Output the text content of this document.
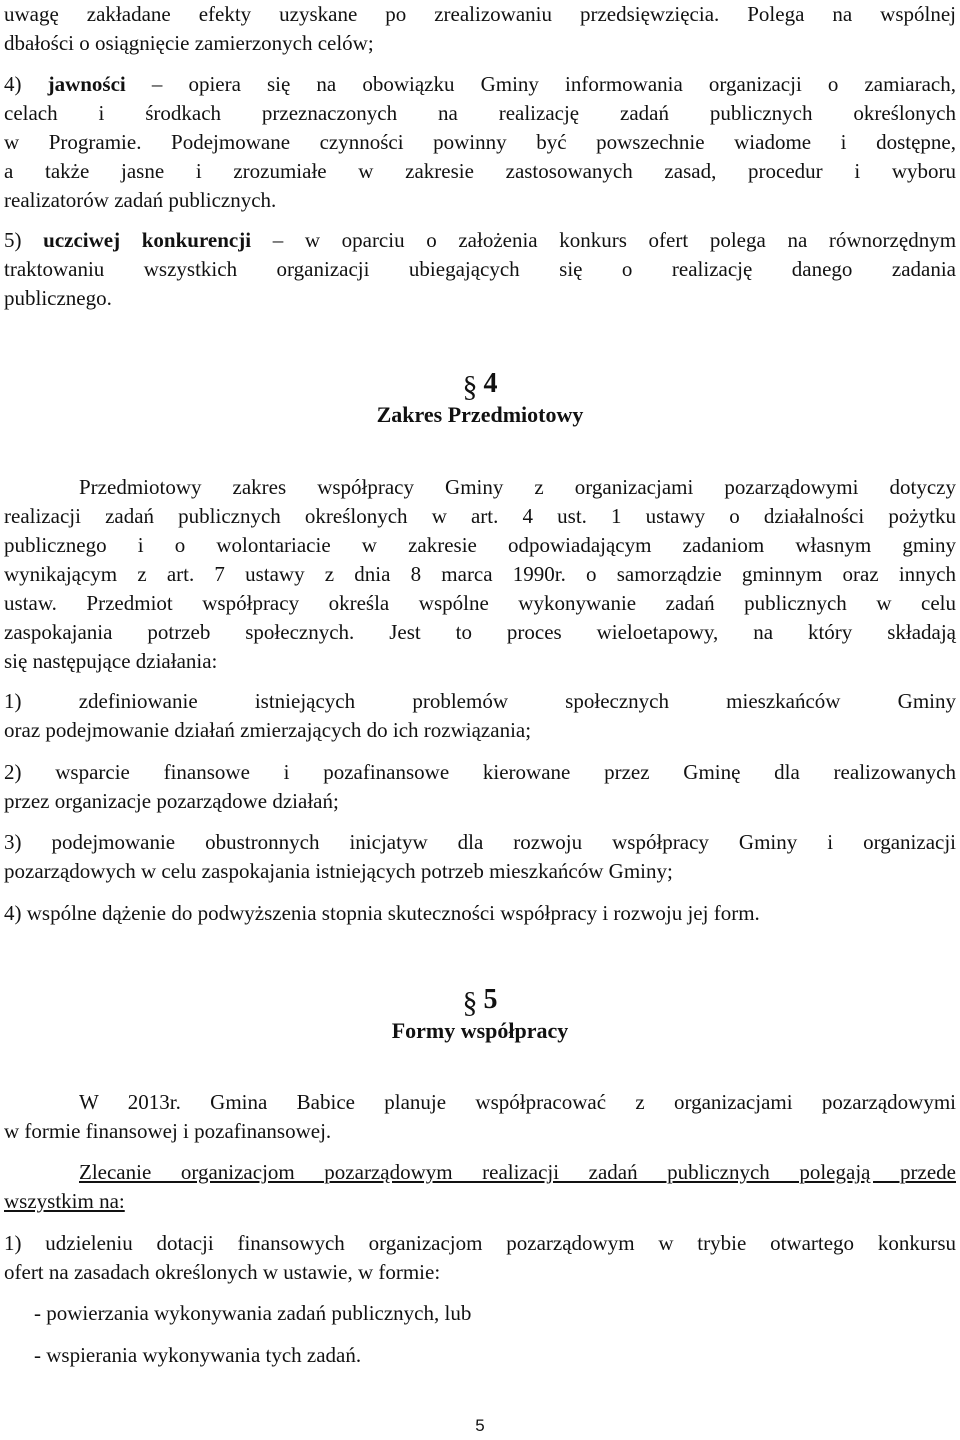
uwagę zakładane efekty uzyskane po zrealizowaniu przedsięwzięcia. Polega na wspólnej
dbałości o osiągnięcie zamierzonych celów;

4) jawności – opiera się na obowiązku Gminy informowania organizacji o zamiarach,
celach i środkach przeznaczonych na realizację zadań publicznych określonych
w Programie. Podejmowane czynności powinny być powszechnie wiadome i dostępne,
a także jasne i zrozumiałe w zakresie zastosowanych zasad, procedur i wyboru
realizatorów zadań publicznych.

5) uczciwej konkurencji – w oparciu o założenia konkurs ofert polega na równorzędnym
traktowaniu wszystkich organizacji ubiegających się o realizację danego zadania
publicznego.

§ 4
Zakres Przedmiotowy

Przedmiotowy zakres współpracy Gminy z organizacjami pozarządowymi dotyczy
realizacji zadań publicznych określonych w art. 4 ust. 1 ustawy o działalności pożytku
publicznego i o wolontariacie w zakresie odpowiadającym zadaniom własnym gminy
wynikającym z art. 7 ustawy z dnia 8 marca 1990r. o samorządzie gminnym oraz innych
ustaw. Przedmiot współpracy określa wspólne wykonywanie zadań publicznych w celu
zaspokajania potrzeb społecznych. Jest to proces wieloetapowy, na który składają
się następujące działania:

1) zdefiniowanie istniejących problemów społecznych mieszkańców Gminy
oraz podejmowanie działań zmierzających do ich rozwiązania;

2) wsparcie finansowe i pozafinansowe kierowane przez Gminę dla realizowanych
przez organizacje pozarządowe działań;

3) podejmowanie obustronnych inicjatyw dla rozwoju współpracy Gminy i organizacji
pozarządowych w celu zaspokajania istniejących potrzeb mieszkańców Gminy;

4) wspólne dążenie do podwyższenia stopnia skuteczności współpracy i rozwoju jej form.

§ 5
Formy współpracy

W 2013r. Gmina Babice planuje współpracować z organizacjami pozarządowymi
w formie finansowej i pozafinansowej.

Zlecanie organizacjom pozarządowym realizacji zadań publicznych polegają przede
wszystkim na:

1) udzieleniu dotacji finansowych organizacjom pozarządowym w trybie otwartego konkursu
ofert na zasadach określonych w ustawie, w formie:

- powierzania wykonywania zadań publicznych, lub

- wspierania wykonywania tych zadań.

5
